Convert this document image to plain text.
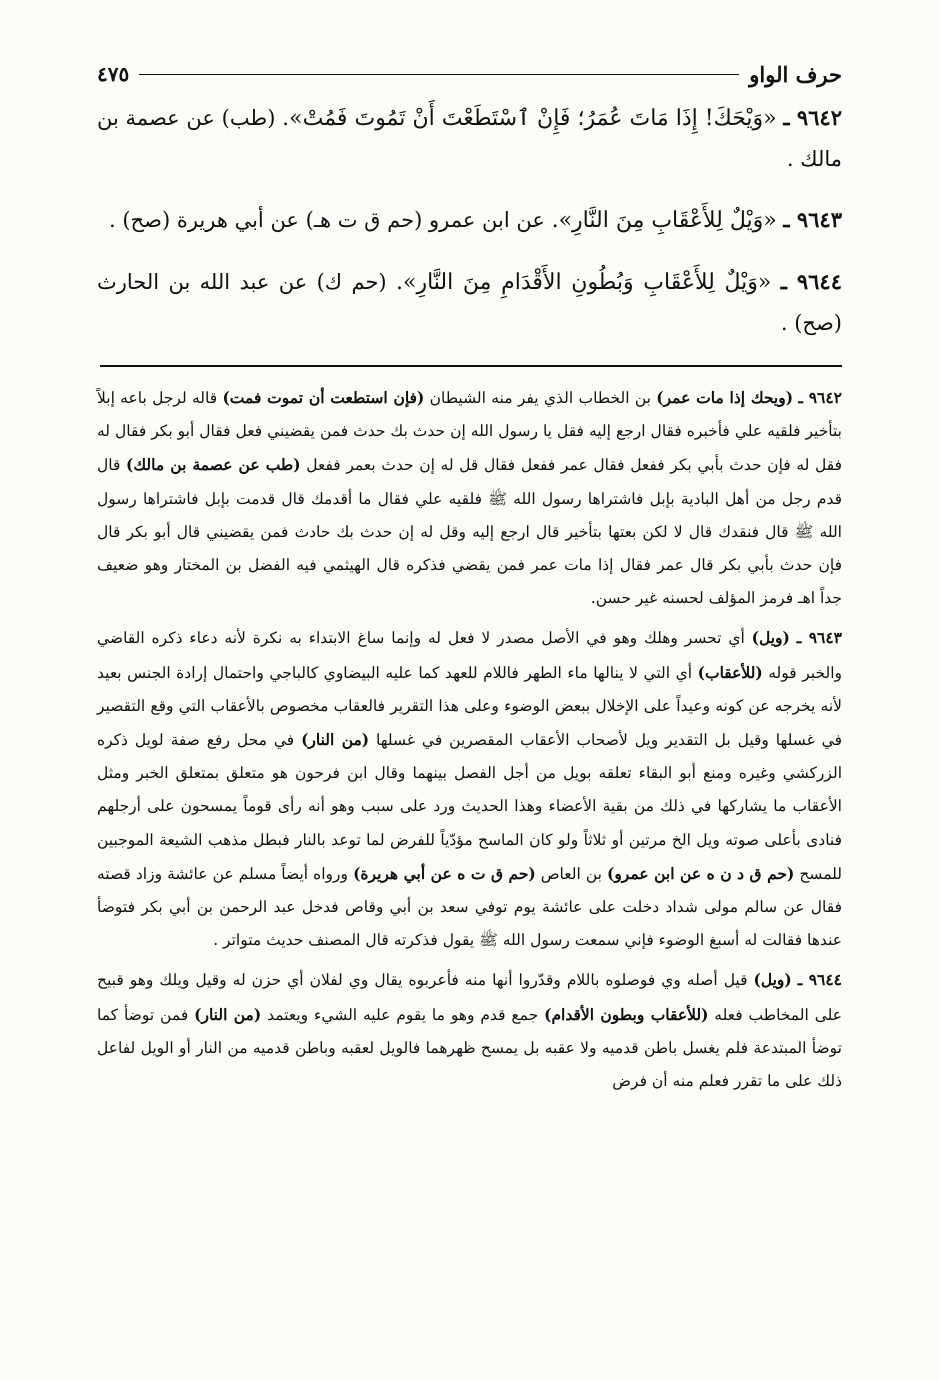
حرف الواو
٤٧٥

٩٦٤٢ ـ «وَيْحَكَ! إِذَا مَاتَ عُمَرُ؛ فَإِنْ ٱسْتَطَعْتَ أَنْ تَمُوتَ فَمُتْ». (طب) عن عصمة بن مالك .

٩٦٤٣ ـ «وَيْلٌ لِلأَعْقَابِ مِنَ النَّارِ». عن ابن عمرو (حم ق ت هـ) عن أبي هريرة (صح) .

٩٦٤٤ ـ «وَيْلٌ لِلأَعْقَابِ وَبُطُونِ الأَقْدَامِ مِنَ النَّارِ». (حم ك) عن عبد الله بن الحارث (صح) .

٩٦٤٢ ـ (ويحك إذا مات عمر) بن الخطاب الذي يفر منه الشيطان (فإن استطعت أن تموت فمت) قاله لرجل باعه إبلاً بتأخير فلقيه علي فأخبره فقال ارجع إليه فقل يا رسول الله إن حدث بك حدث فمن يقضيني فعل فقال أبو بكر فقال له فقل له فإن حدث بأبي بكر ففعل فقال عمر ففعل فقال قل له إن حدث بعمر ففعل (طب عن عصمة بن مالك) قال قدم رجل من أهل البادية بإبل فاشتراها رسول الله ﷺ فلقيه علي فقال ما أقدمك قال قدمت بإبل فاشتراها رسول الله ﷺ قال فنقدك قال لا لكن بعتها بتأخير قال ارجع إليه وقل له إن حدث بك حادث فمن يقضيني قال أبو بكر قال فإن حدث بأبي بكر قال عمر فقال إذا مات عمر فمن يقضي فذكره قال الهيثمي فيه الفضل بن المختار وهو ضعيف جداً اهـ فرمز المؤلف لحسنه غير حسن.

٩٦٤٣ ـ (ويل) أي تحسر وهلك وهو في الأصل مصدر لا فعل له وإنما ساغ الابتداء به نكرة لأنه دعاء ذكره القاضي والخبر قوله (للأعقاب) أي التي لا ينالها ماء الطهر فاللام للعهد كما عليه البيضاوي كالباجي واحتمال إرادة الجنس بعيد لأنه يخرجه عن كونه وعيداً على الإخلال ببعض الوضوء وعلى هذا التقرير فالعقاب مخصوص بالأعقاب التي وقع التقصير في غسلها وقيل بل التقدير ويل لأصحاب الأعقاب المقصرين في غسلها (من النار) في محل رفع صفة لويل ذكره الزركشي وغيره ومنع أبو البقاء تعلقه بويل من أجل الفصل بينهما وقال ابن فرحون هو متعلق بمتعلق الخبر ومثل الأعقاب ما يشاركها في ذلك من بقية الأعضاء وهذا الحديث ورد على سبب وهو أنه رأى قوماً يمسحون على أرجلهم فنادى بأعلى صوته ويل الخ مرتين أو ثلاثاً ولو كان الماسح مؤدّياً للفرض لما توعد بالنار فبطل مذهب الشيعة الموجبين للمسح (حم ق د ن ه عن ابن عمرو) بن العاص (حم ق ت ه عن أبي هريرة) ورواه أيضاً مسلم عن عائشة وزاد قصته فقال عن سالم مولى شداد دخلت على عائشة يوم توفي سعد بن أبي وقاص فدخل عبد الرحمن بن أبي بكر فتوضأ عندها فقالت له أسبغ الوضوء فإني سمعت رسول الله ﷺ يقول فذكرته قال المصنف حديث متواتر .

٩٦٤٤ ـ (ويل) قيل أصله وي فوصلوه باللام وقدّروا أنها منه فأعربوه يقال وي لفلان أي حزن له وقيل ويلك وهو قبيح على المخاطب فعله (للأعقاب وبطون الأقدام) جمع قدم وهو ما يقوم عليه الشيء ويعتمد (من النار) فمن توضأ كما توضأ المبتدعة فلم يغسل باطن قدميه ولا عقبه بل يمسح ظهرهما فالويل لعقبه وباطن قدميه من النار أو الويل لفاعل ذلك على ما تقرر فعلم منه أن فرض
